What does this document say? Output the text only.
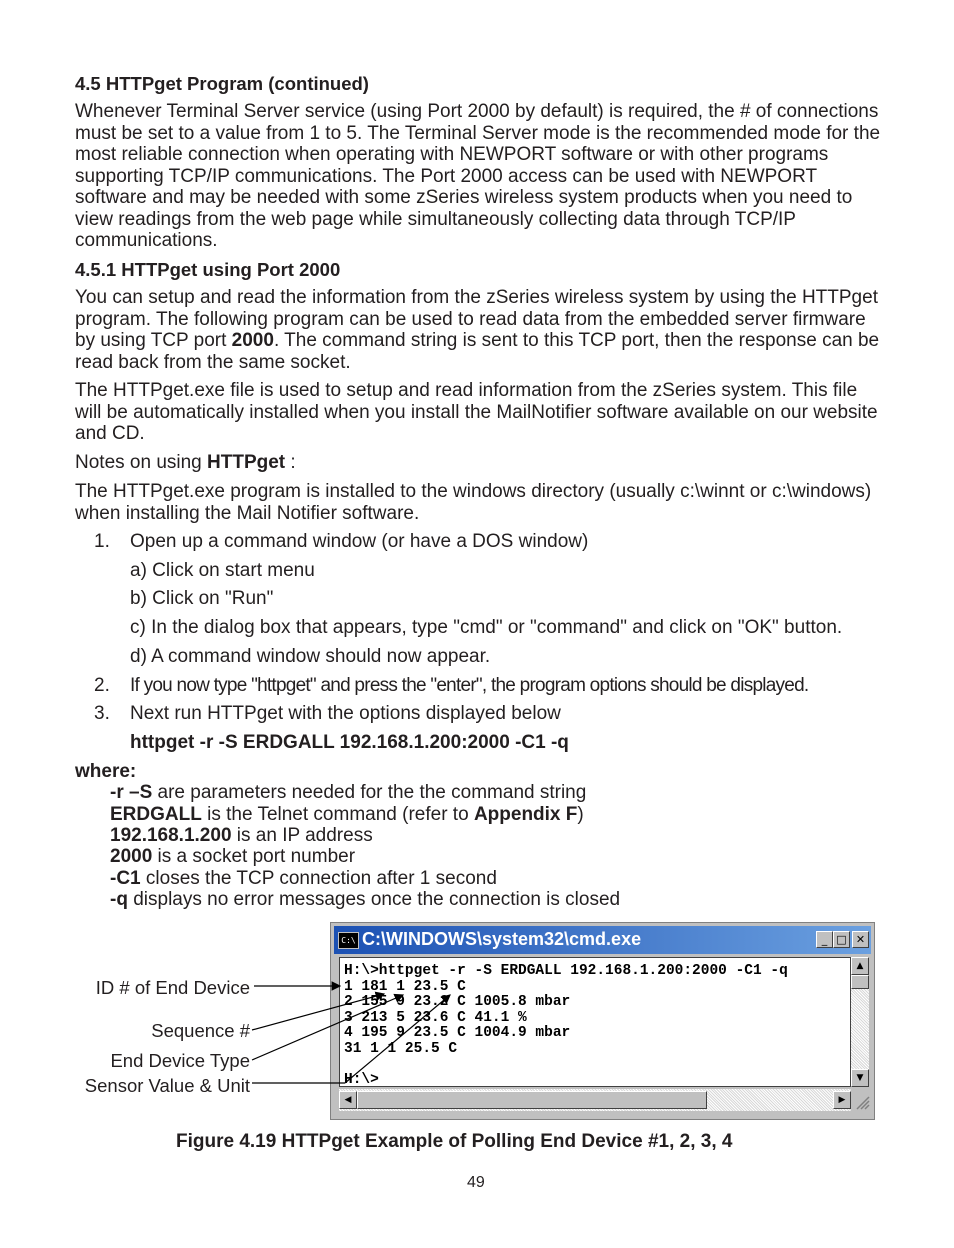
4.5 HTTPget Program (continued)

Whenever Terminal Server service (using Port 2000 by default) is required, the # of connections must be set to a value from 1 to 5. The Terminal Server mode is the recommended mode for the most reliable connection when operating with NEWPORT software or with other programs supporting TCP/IP communications. The Port 2000 access can be used with NEWPORT software and may be needed with some zSeries wireless system products when you need to view readings from the web page while simultaneously collecting data through TCP/IP communications.

4.5.1 HTTPget using Port 2000

You can setup and read the information from the zSeries wireless system by using the HTTPget program. The following program can be used to read data from the embedded server firmware by using TCP port 2000. The command string is sent to this TCP port, then the response can be read back from the same socket.

The HTTPget.exe file is used to setup and read information from the zSeries system. This file will be automatically installed when you install the MailNotifier software available on our website and CD.

Notes on using HTTPget :

The HTTPget.exe program is installed to the windows directory (usually c:\winnt or c:\windows) when installing the Mail Notifier software.

1. Open up a command window (or have a DOS window)
a) Click on start menu
b) Click on "Run"
c) In the dialog box that appears, type "cmd" or "command" and click on "OK" button.
d) A command window should now appear.
2. If you now type "httpget" and press the "enter", the program options should be displayed.
3. Next run HTTPget with the options displayed below
httpget -r -S ERDGALL 192.168.1.200:2000 -C1 -q
where:
-r –S are parameters needed for the the command string
ERDGALL is the Telnet command (refer to Appendix F)
192.168.1.200 is an IP address
2000 is a socket port number
-C1 closes the TCP connection after 1 second
-q displays no error messages once the connection is closed
C:\ C:\WINDOWS\system32\cmd.exe	_ □ ✕
H:\>httpget -r -S ERDGALL 192.168.1.200:2000 -C1 -q
1 181 1 23.5 C
2 155 9 23.2 C 1005.8 mbar
3 213 5 23.6 C 41.1 %
4 195 9 23.5 C 1004.9 mbar
31 1 1 25.5 C
H:\>
▲
▼
◀	▶
ID # of End Device
Sequence #
End Device Type
Sensor Value & Unit
Figure 4.19 HTTPget Example of Polling End Device #1, 2, 3, 4
49
